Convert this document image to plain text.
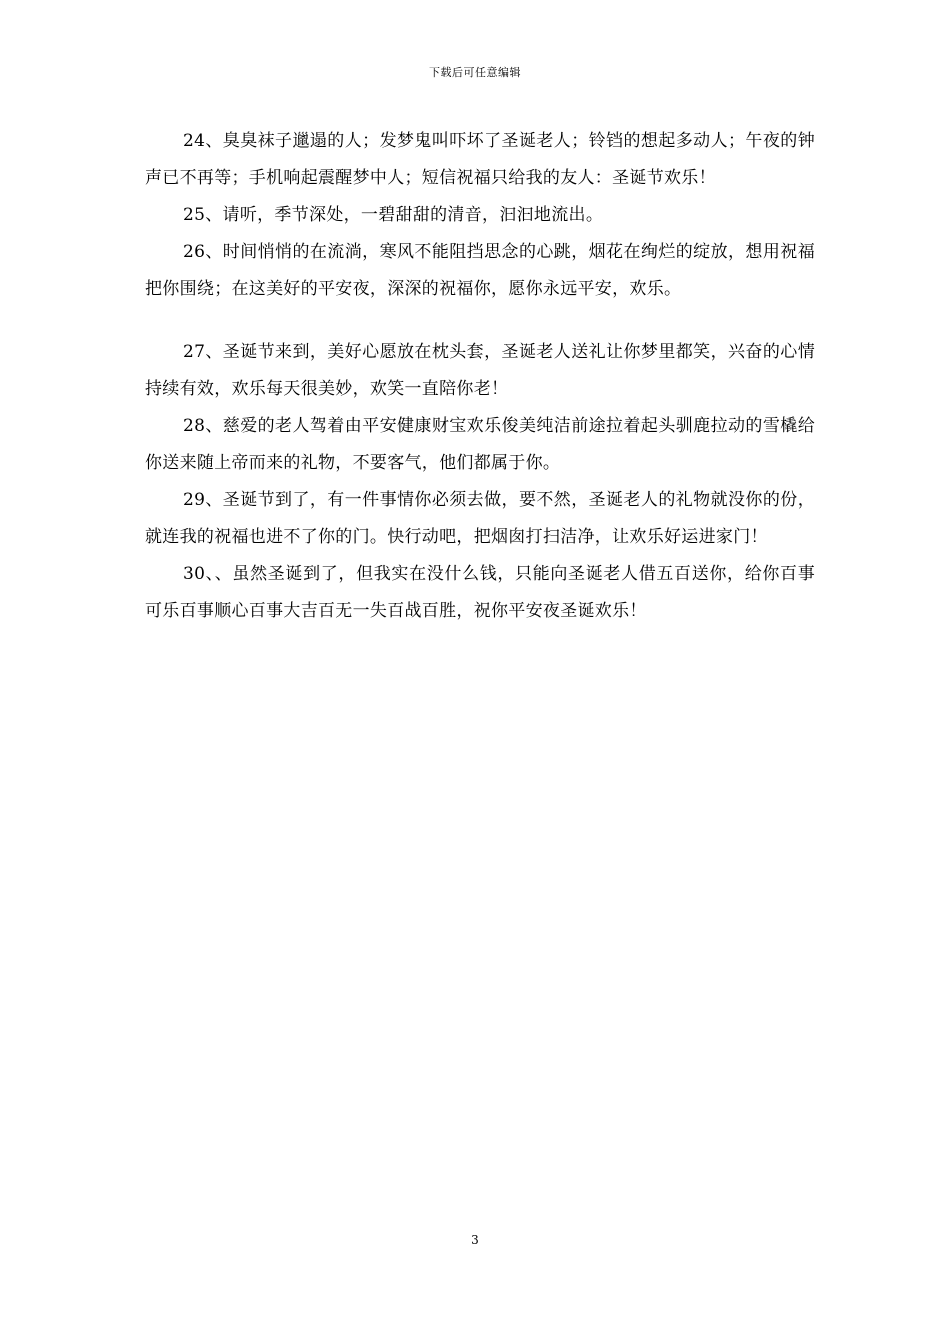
下载后可任意编辑

24、臭臭袜子邋遢的人；发梦鬼叫吓坏了圣诞老人；铃铛的想起多动人；午夜的钟声已不再等；手机响起震醒梦中人；短信祝福只给我的友人：圣诞节欢乐！

25、请听，季节深处，一碧甜甜的清音，汩汩地流出。

26、时间悄悄的在流淌，寒风不能阻挡思念的心跳，烟花在绚烂的绽放，想用祝福把你围绕；在这美好的平安夜，深深的祝福你，愿你永远平安，欢乐。

27、圣诞节来到，美好心愿放在枕头套，圣诞老人送礼让你梦里都笑，兴奋的心情持续有效，欢乐每天很美妙，欢笑一直陪你老！

28、慈爱的老人驾着由平安健康财宝欢乐俊美纯洁前途拉着起头驯鹿拉动的雪橇给你送来随上帝而来的礼物，不要客气，他们都属于你。

29、圣诞节到了，有一件事情你必须去做，要不然，圣诞老人的礼物就没你的份，就连我的祝福也进不了你的门。快行动吧，把烟囱打扫洁净，让欢乐好运进家门！

30、、虽然圣诞到了，但我实在没什么钱，只能向圣诞老人借五百送你，给你百事可乐百事顺心百事大吉百无一失百战百胜，祝你平安夜圣诞欢乐！

3
